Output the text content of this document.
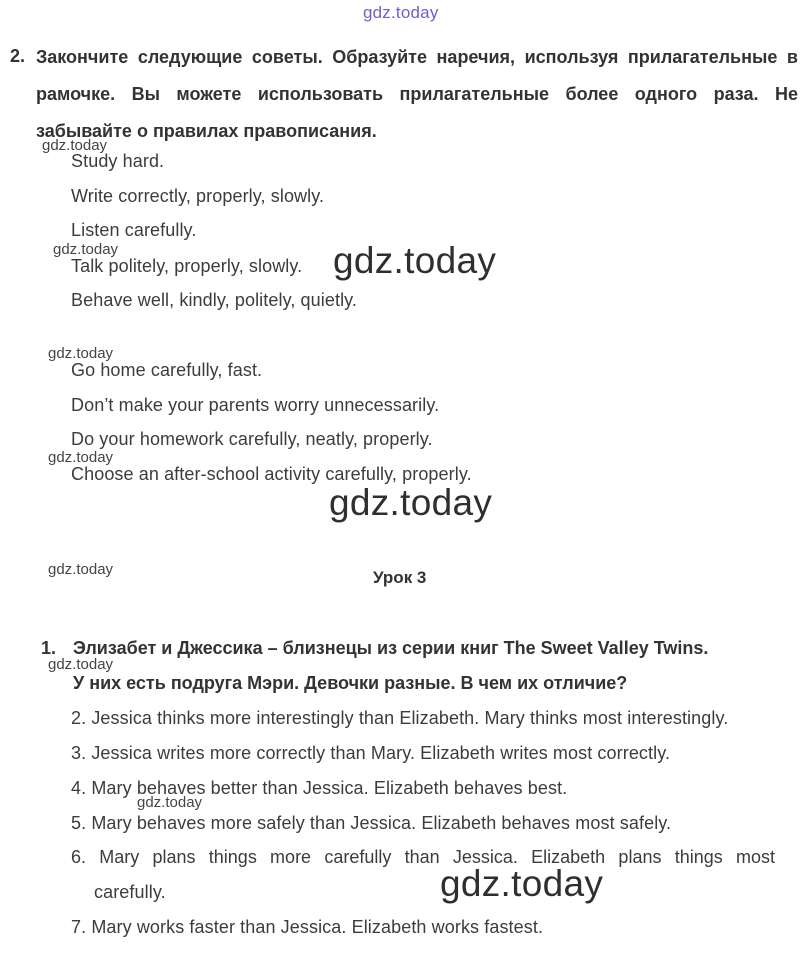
gdz.today
2. Закончите следующие советы. Образуйте наречия, используя прилагательные в рамочке. Вы можете использовать прилагательные более одного раза. Не забывайте о правилах правописания.
gdz.today
Study hard.
Write correctly, properly, slowly.
Listen carefully.
gdz.today
Talk politely, properly, slowly. gdz.today
Behave well, kindly, politely, quietly.
gdz.today
Go home carefully, fast.
Don’t make your parents worry unnecessarily.
Do your homework carefully, neatly, properly.
gdz.today
Choose an after-school activity carefully, properly.
gdz.today
gdz.today	Урок 3
1. Элизабет и Джессика – близнецы из серии книг The Sweet Valley Twins.
gdz.today
У них есть подруга Мэри. Девочки разные. В чем их отличие?
2. Jessica thinks more interestingly than Elizabeth. Mary thinks most interestingly.
3. Jessica writes more correctly than Mary. Elizabeth writes most correctly.
4. Mary behaves better than Jessica. Elizabeth behaves best.
gdz.today
5. Mary behaves more safely than Jessica. Elizabeth behaves most safely.
6. Mary plans things more carefully than Jessica. Elizabeth plans things most
carefully.	gdz.today
7. Mary works faster than Jessica. Elizabeth works fastest.
